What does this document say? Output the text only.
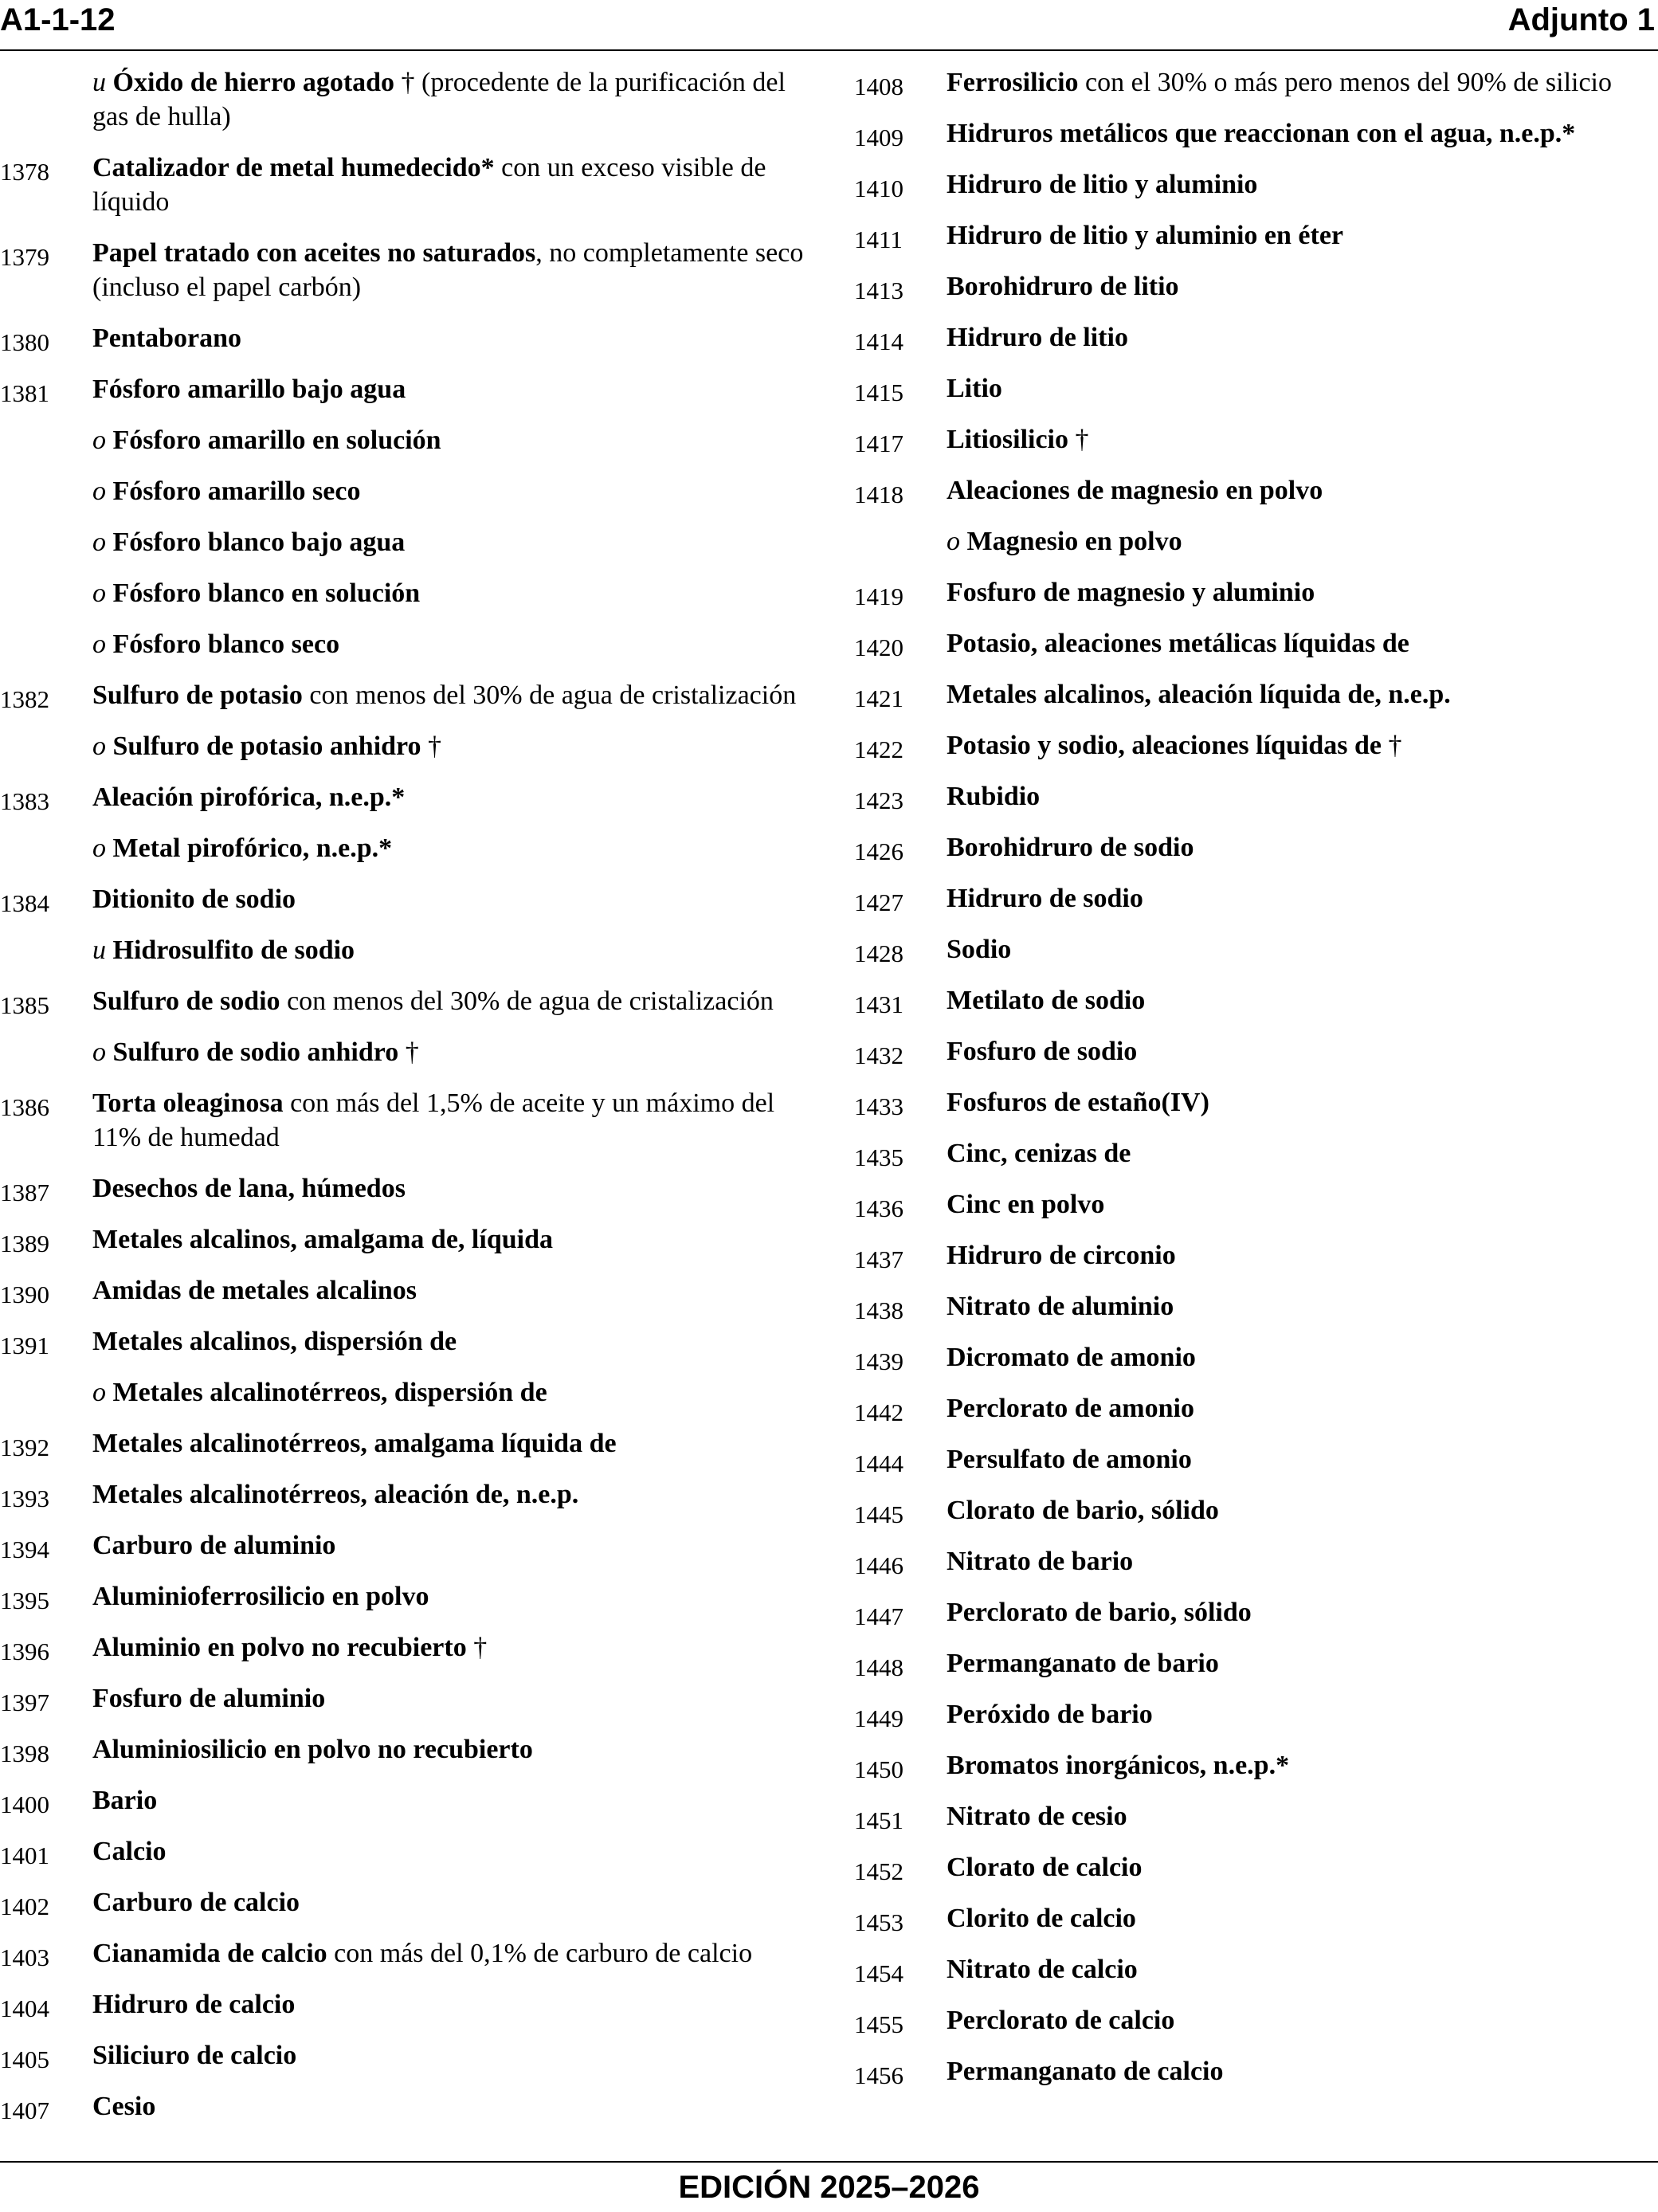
A1-1-12	Adjunto 1
u Óxido de hierro agotado † (procedente de la purificación del gas de hulla)
1378 Catalizador de metal humedecido* con un exceso visible de líquido
1379 Papel tratado con aceites no saturados, no completamente seco (incluso el papel carbón)
1380 Pentaborano
1381 Fósforo amarillo bajo agua
o Fósforo amarillo en solución
o Fósforo amarillo seco
o Fósforo blanco bajo agua
o Fósforo blanco en solución
o Fósforo blanco seco
1382 Sulfuro de potasio con menos del 30% de agua de cristalización
o Sulfuro de potasio anhidro †
1383 Aleación pirofórica, n.e.p.*
o Metal pirofórico, n.e.p.*
1384 Ditionito de sodio
u Hidrosulfito de sodio
1385 Sulfuro de sodio con menos del 30% de agua de cristalización
o Sulfuro de sodio anhidro †
1386 Torta oleaginosa con más del 1,5% de aceite y un máximo del 11% de humedad
1387 Desechos de lana, húmedos
1389 Metales alcalinos, amalgama de, líquida
1390 Amidas de metales alcalinos
1391 Metales alcalinos, dispersión de
o Metales alcalinotérreos, dispersión de
1392 Metales alcalinotérreos, amalgama líquida de
1393 Metales alcalinotérreos, aleación de, n.e.p.
1394 Carburo de aluminio
1395 Aluminioferrosilicio en polvo
1396 Aluminio en polvo no recubierto †
1397 Fosfuro de aluminio
1398 Aluminiosilicio en polvo no recubierto
1400 Bario
1401 Calcio
1402 Carburo de calcio
1403 Cianamida de calcio con más del 0,1% de carburo de calcio
1404 Hidruro de calcio
1405 Siliciuro de calcio
1407 Cesio
1408 Ferrosilicio con el 30% o más pero menos del 90% de silicio
1409 Hidruros metálicos que reaccionan con el agua, n.e.p.*
1410 Hidruro de litio y aluminio
1411 Hidruro de litio y aluminio en éter
1413 Borohidruro de litio
1414 Hidruro de litio
1415 Litio
1417 Litiosilicio †
1418 Aleaciones de magnesio en polvo
o Magnesio en polvo
1419 Fosfuro de magnesio y aluminio
1420 Potasio, aleaciones metálicas líquidas de
1421 Metales alcalinos, aleación líquida de, n.e.p.
1422 Potasio y sodio, aleaciones líquidas de †
1423 Rubidio
1426 Borohidruro de sodio
1427 Hidruro de sodio
1428 Sodio
1431 Metilato de sodio
1432 Fosfuro de sodio
1433 Fosfuros de estaño(IV)
1435 Cinc, cenizas de
1436 Cinc en polvo
1437 Hidruro de circonio
1438 Nitrato de aluminio
1439 Dicromato de amonio
1442 Perclorato de amonio
1444 Persulfato de amonio
1445 Clorato de bario, sólido
1446 Nitrato de bario
1447 Perclorato de bario, sólido
1448 Permanganato de bario
1449 Peróxido de bario
1450 Bromatos inorgánicos, n.e.p.*
1451 Nitrato de cesio
1452 Clorato de calcio
1453 Clorito de calcio
1454 Nitrato de calcio
1455 Perclorato de calcio
1456 Permanganato de calcio
EDICIÓN 2025–2026
